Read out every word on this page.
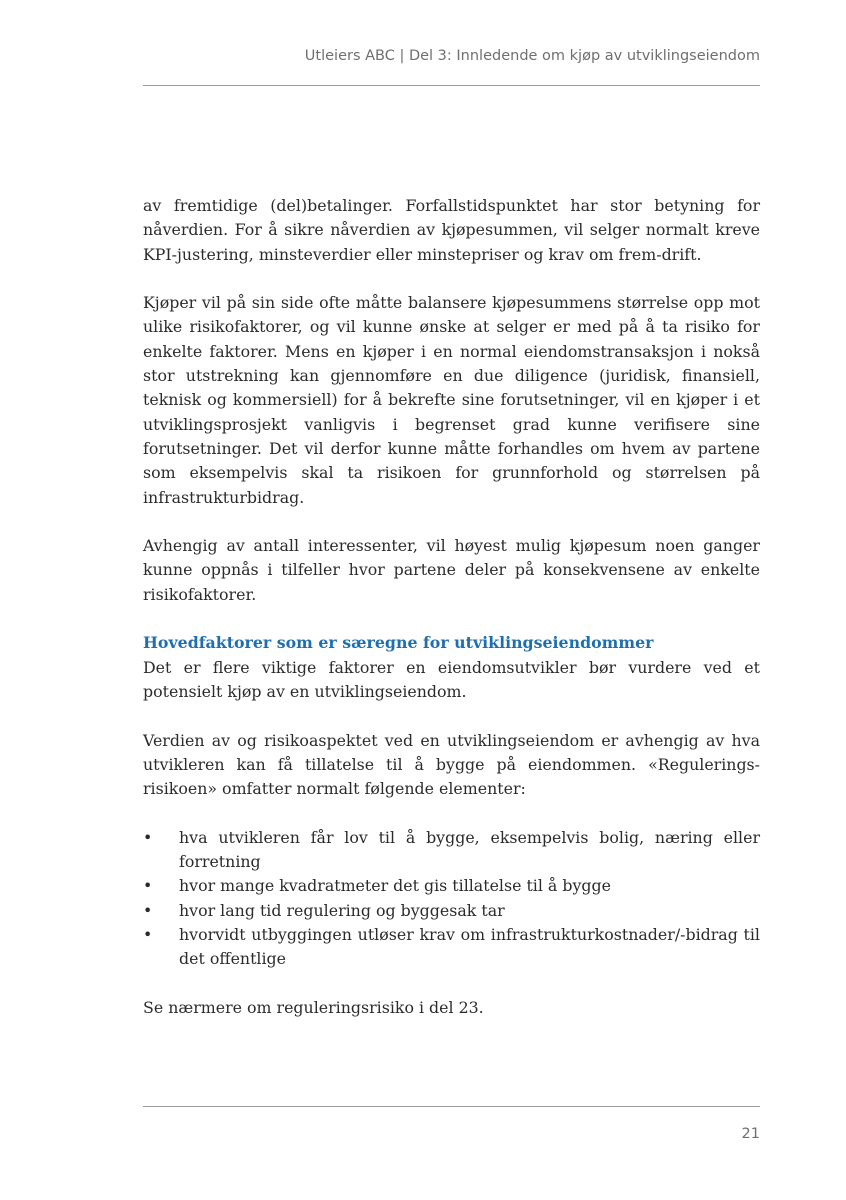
Utleiers ABC | Del 3: Innledende om kjøp av utviklingseiendom

av fremtidige (del)betalinger. Forfallstidspunktet har stor betyning for nåverdien. For å sikre nåverdien av kjøpesummen, vil selger normalt kreve KPI-justering, minsteverdier eller minstepriser og krav om frem-drift.

Kjøper vil på sin side ofte måtte balansere kjøpesummens størrelse opp mot ulike risikofaktorer, og vil kunne ønske at selger er med på å ta risiko for enkelte faktorer. Mens en kjøper i en normal eiendomstransaksjon i nokså stor utstrekning kan gjennomføre en due diligence (juridisk, finansiell, teknisk og kommersiell) for å bekrefte sine forutsetninger, vil en kjøper i et utviklingsprosjekt vanligvis i begrenset grad kunne verifisere sine forutsetninger. Det vil derfor kunne måtte forhandles om hvem av partene som eksempelvis skal ta risikoen for grunnforhold og størrelsen på infrastrukturbidrag.

Avhengig av antall interessenter, vil høyest mulig kjøpesum noen ganger kunne oppnås i tilfeller hvor partene deler på konsekvensene av enkelte risikofaktorer.

Hovedfaktorer som er særegne for utviklingseiendommer

Det er flere viktige faktorer en eiendomsutvikler bør vurdere ved et potensielt kjøp av en utviklingseiendom.

Verdien av og risikoaspektet ved en utviklingseiendom er avhengig av hva utvikleren kan få tillatelse til å bygge på eiendommen. «Regulerings-risikoen» omfatter normalt følgende elementer:

• hva utvikleren får lov til å bygge, eksempelvis bolig, næring eller forretning
• hvor mange kvadratmeter det gis tillatelse til å bygge
• hvor lang tid regulering og byggesak tar
• hvorvidt utbyggingen utløser krav om infrastrukturkostnader/-bidrag til det offentlige

Se nærmere om reguleringsrisiko i del 23.

21
